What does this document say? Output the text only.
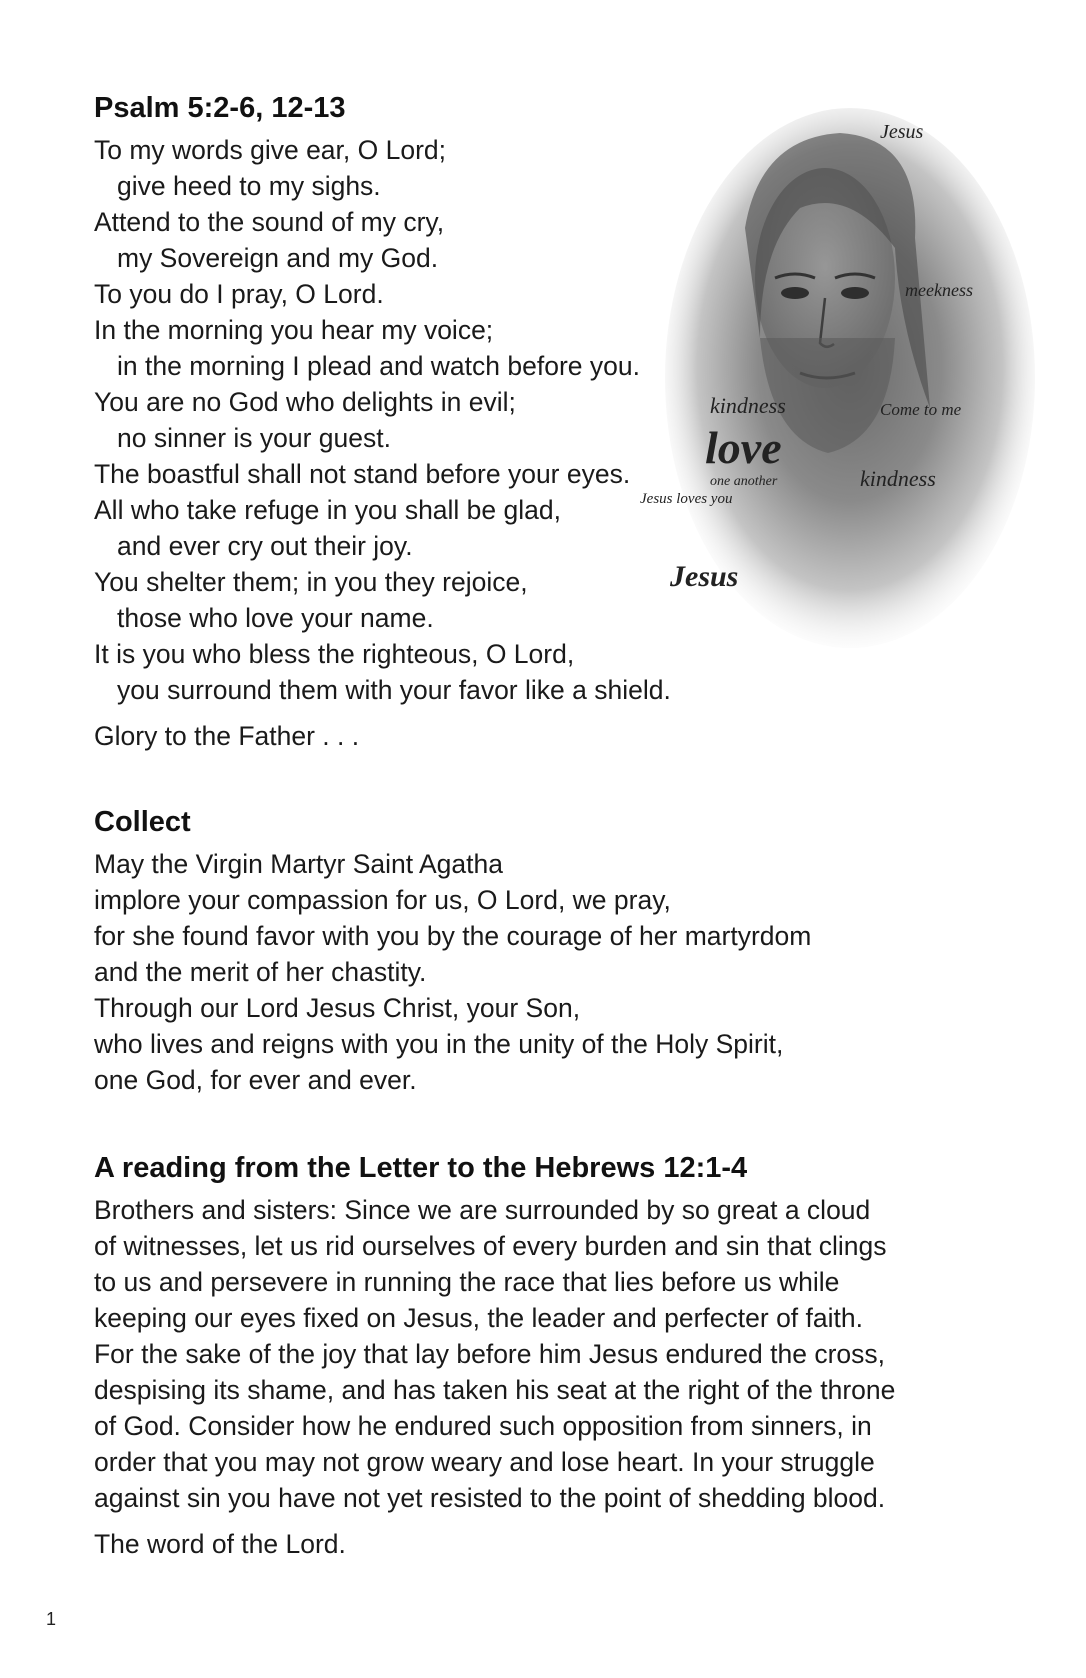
Jesus
kindness
love
meekness
Come to me
Jesus loves you
one another	kindness
Jesus
Psalm 5:2-6, 12-13
To my words give ear, O Lord;
give heed to my sighs.
Attend to the sound of my cry,
my Sovereign and my God.
To you do I pray, O Lord.
In the morning you hear my voice;
in the morning I plead and watch before you.
You are no God who delights in evil;
no sinner is your guest.
The boastful shall not stand before your eyes.
All who take refuge in you shall be glad,
and ever cry out their joy.
You shelter them; in you they rejoice,
those who love your name.
It is you who bless the righteous, O Lord,
you surround them with your favor like a shield.
Glory to the Father . . .
Collect
May the Virgin Martyr Saint Agatha
implore your compassion for us, O Lord, we pray,
for she found favor with you by the courage of her martyrdom
and the merit of her chastity.
Through our Lord Jesus Christ, your Son,
who lives and reigns with you in the unity of the Holy Spirit,
one God, for ever and ever.
A reading from the Letter to the Hebrews 12:1-4
Brothers and sisters: Since we are surrounded by so great a cloud
of witnesses, let us rid ourselves of every burden and sin that clings
to us and persevere in running the race that lies before us while
keeping our eyes fixed on Jesus, the leader and perfecter of faith.
For the sake of the joy that lay before him Jesus endured the cross,
despising its shame, and has taken his seat at the right of the throne
of God. Consider how he endured such opposition from sinners, in
order that you may not grow weary and lose heart. In your struggle
against sin you have not yet resisted to the point of shedding blood.
The word of the Lord.
1
